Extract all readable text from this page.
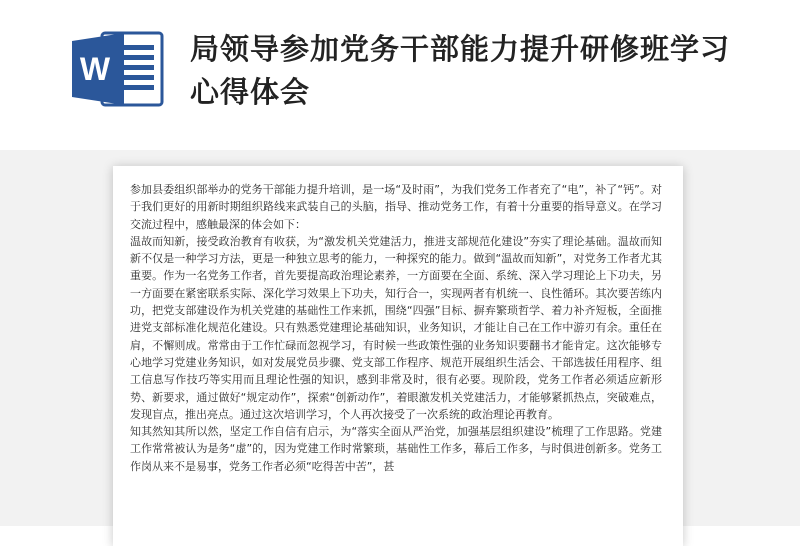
W
局领导参加党务干部能力提升研修班学习心得体会

参加县委组织部举办的党务干部能力提升培训，是一场“及时雨”，为我们党务工作者充了“电”，补了“钙”。对于我们更好的用新时期组织路线来武装自己的头脑，指导、推动党务工作，有着十分重要的指导意义。在学习交流过程中，感触最深的体会如下：

温故而知新，接受政治教育有收获，为“激发机关党建活力，推进支部规范化建设”夯实了理论基础。温故而知新不仅是一种学习方法，更是一种独立思考的能力，一种探究的能力。做到“温故而知新”，对党务工作者尤其重要。作为一名党务工作者，首先要提高政治理论素养，一方面要在全面、系统、深入学习理论上下功夫，另一方面要在紧密联系实际、深化学习效果上下功夫，知行合一，实现两者有机统一、良性循环。其次要苦练内功，把党支部建设作为机关党建的基础性工作来抓，围绕“四强”目标、摒弃繁琐哲学、着力补齐短板，全面推进党支部标准化规范化建设。只有熟悉党建理论基础知识，业务知识，才能让自己在工作中游刃有余。重任在肩，不懈则成。常常由于工作忙碌而忽视学习，有时候一些政策性强的业务知识要翻书才能肯定。这次能够专心地学习党建业务知识，如对发展党员步骤、党支部工作程序、规范开展组织生活会、干部选拔任用程序、组工信息写作技巧等实用而且理论性强的知识，感到非常及时，很有必要。现阶段，党务工作者必须适应新形势、新要求，通过做好“规定动作”，探索“创新动作”，着眼激发机关党建活力，才能够紧抓热点，突破难点，发现盲点，推出亮点。通过这次培训学习，个人再次接受了一次系统的政治理论再教育。

知其然知其所以然，坚定工作自信有启示，为“落实全面从严治党，加强基层组织建设”梳理了工作思路。党建工作常常被认为是务“虚”的，因为党建工作时常繁琐，基础性工作多，幕后工作多，与时俱进创新多。党务工作岗从来不是易事，党务工作者必须“吃得苦中苦”，甚
